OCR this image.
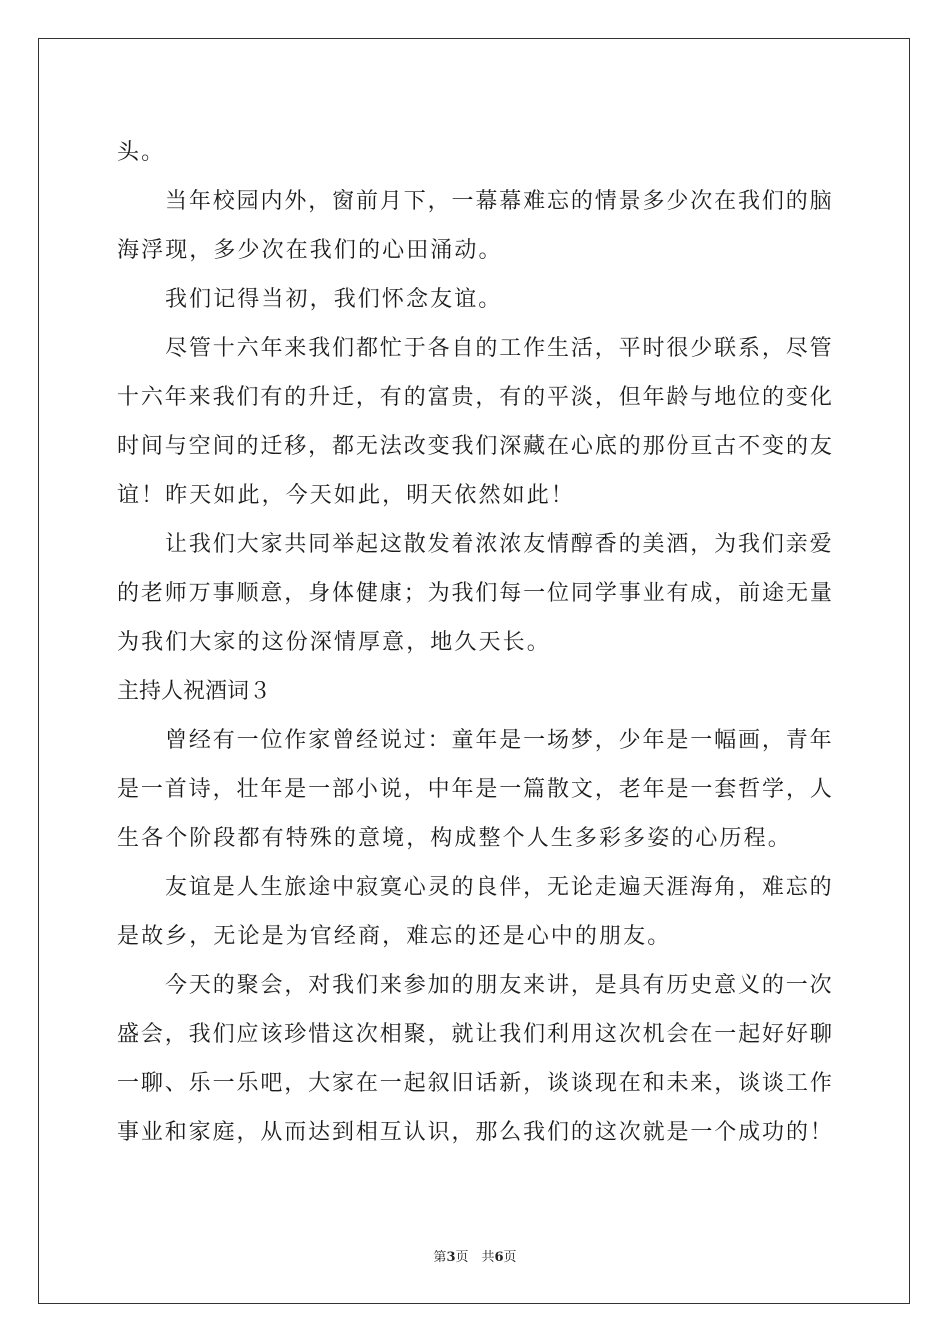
头。
当 年 校 园 内 外 ， 窗 前 月 下 ， 一 幕 幕 难 忘 的 情 景 多 少 次 在 我 们 的 脑
海浮现，多少次在我们的心田涌动。
我们记得当初，我们怀念友谊。
尽 管 十 六 年 来 我 们 都 忙 于 各 自 的 工 作 生 活 ， 平 时 很 少 联 系 ， 尽 管
十 六 年 来 我 们 有 的 升 迁 ， 有 的 富 贵 ， 有 的 平 淡 ， 但 年 龄 与 地 位 的 变 化
时 间 与 空 间 的 迁 移 ， 都 无 法 改 变 我 们 深 藏 在 心 底 的 那 份 亘 古 不 变 的 友
谊！昨天如此，今天如此，明天依然如此！
让 我 们 大 家 共 同 举 起 这 散 发 着 浓 浓 友 情 醇 香 的 美 酒 ， 为 我 们 亲 爱
的 老 师 万 事 顺 意 ， 身 体 健 康 ； 为 我 们 每 一 位 同 学 事 业 有 成 ， 前 途 无 量
为我们大家的这份深情厚意，地久天长。
主持人祝酒词３
曾 经 有 一 位 作 家 曾 经 说 过 ： 童 年 是 一 场 梦 ， 少 年 是 一 幅 画 ， 青 年
是 一 首 诗 ， 壮 年 是 一 部 小 说 ， 中 年 是 一 篇 散 文 ， 老 年 是 一 套 哲 学 ， 人
生各个阶段都有特殊的意境，构成整个人生多彩多姿的心历程。
友 谊 是 人 生 旅 途 中 寂 寞 心 灵 的 良 伴 ， 无 论 走 遍 天 涯 海 角 ， 难 忘 的
是故乡，无论是为官经商，难忘的还是心中的朋友。
今 天 的 聚 会 ， 对 我 们 来 参 加 的 朋 友 来 讲 ， 是 具 有 历 史 意 义 的 一 次
盛 会 ， 我 们 应 该 珍 惜 这 次 相 聚 ， 就 让 我 们 利 用 这 次 机 会 在 一 起 好 好 聊
一 聊 、 乐 一 乐 吧 ， 大 家 在 一 起 叙 旧 话 新 ， 谈 谈 现 在 和 未 来 ， 谈 谈 工 作
事 业 和 家 庭 ， 从 而 达 到 相 互 认 识 ， 那 么 我 们 的 这 次 就 是 一 个 成 功 的 ！
第3页　共6页
